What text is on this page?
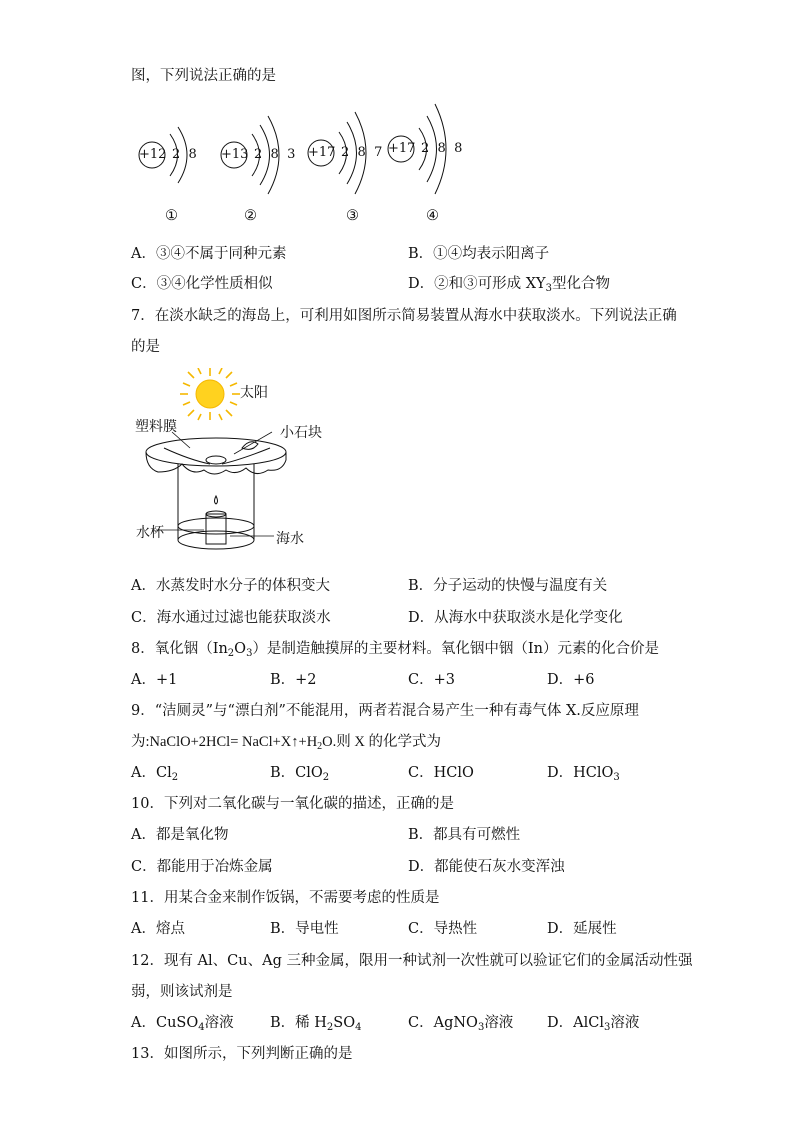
图，下列说法正确的是
+12 2  8 +13 2  8  3 +17 2  8  7 +17 2  8  8
①	②	③	④
A．③④不属于同种元素	B．①④均表示阳离子
C．③④化学性质相似	D．②和③可形成 $XY_3$型化合物
7．在淡水缺乏的海岛上，可利用如图所示简易装置从海水中获取淡水。下列说法正确
的是
太阳
塑料膜	小石块
水杯	海水
A．水蒸发时水分子的体积变大	B．分子运动的快慢与温度有关
C．海水通过过滤也能获取淡水	D．从海水中获取淡水是化学变化
8．氧化铟$(In_2O_3)$是制造触摸屏的主要材料。氧化铟中铟（In）元素的化合价是
A．+1	B．+2	C．+3	D．+6
9．“洁厕灵”与“漂白剂”不能混用，两者若混合易产生一种有毒气体 X.反应原理
为:NaClO+2HCl= $NaCl+X↑+H_2O$.则 X 的化学式为
A．$Cl_2$	B．ClO$_2$	C．HClO	D．HClO$_3$
10．下列对二氧化碳与一氧化碳的描述，正确的是
A．都是氧化物	B．都具有可燃性
C．都能用于冶炼金属	D．都能使石灰水变浑浊
11．用某合金来制作饭锅，不需要考虑的性质是
A．熔点	B．导电性	C．导热性	D．延展性
12．现有 Al、Cu、Ag 三种金属，限用一种试剂一次性就可以验证它们的金属活动性强
弱，则该试剂是
A．CuSO$_4$溶液	B．稀 $H_2SO_4$	C．AgNO$_3$溶液 D．AlCl$_3$溶液
13．如图所示，下列判断正确的是
